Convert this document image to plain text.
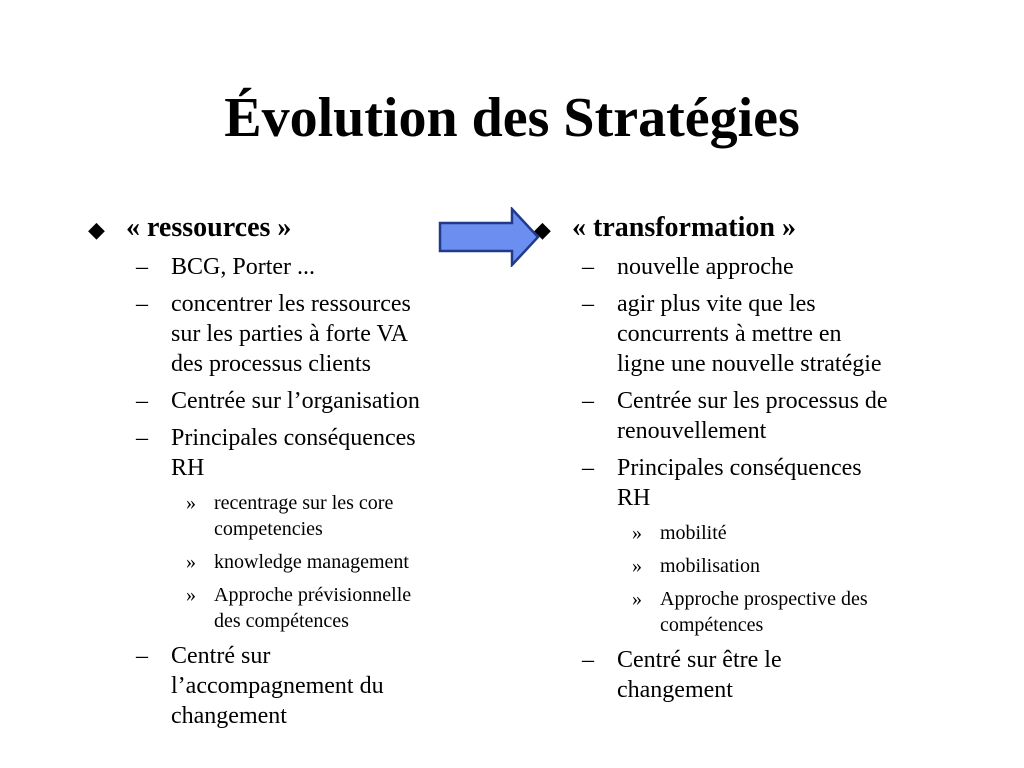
Évolution des Stratégies
◆ « ressources »
– BCG, Porter ...
– concentrer les ressources
sur les parties à forte VA
des processus clients
– Centrée sur l’organisation
– Principales conséquences
RH
» recentrage sur les core
competencies
» knowledge management
» Approche prévisionnelle
des compétences
– Centré sur
l’accompagnement du
changement
◆ « transformation »
– nouvelle approche
– agir plus vite que les
concurrents à mettre en
ligne une nouvelle stratégie
– Centrée sur les processus de
renouvellement
– Principales conséquences
RH
» mobilité
» mobilisation
» Approche prospective des
compétences
– Centré sur être le
changement
